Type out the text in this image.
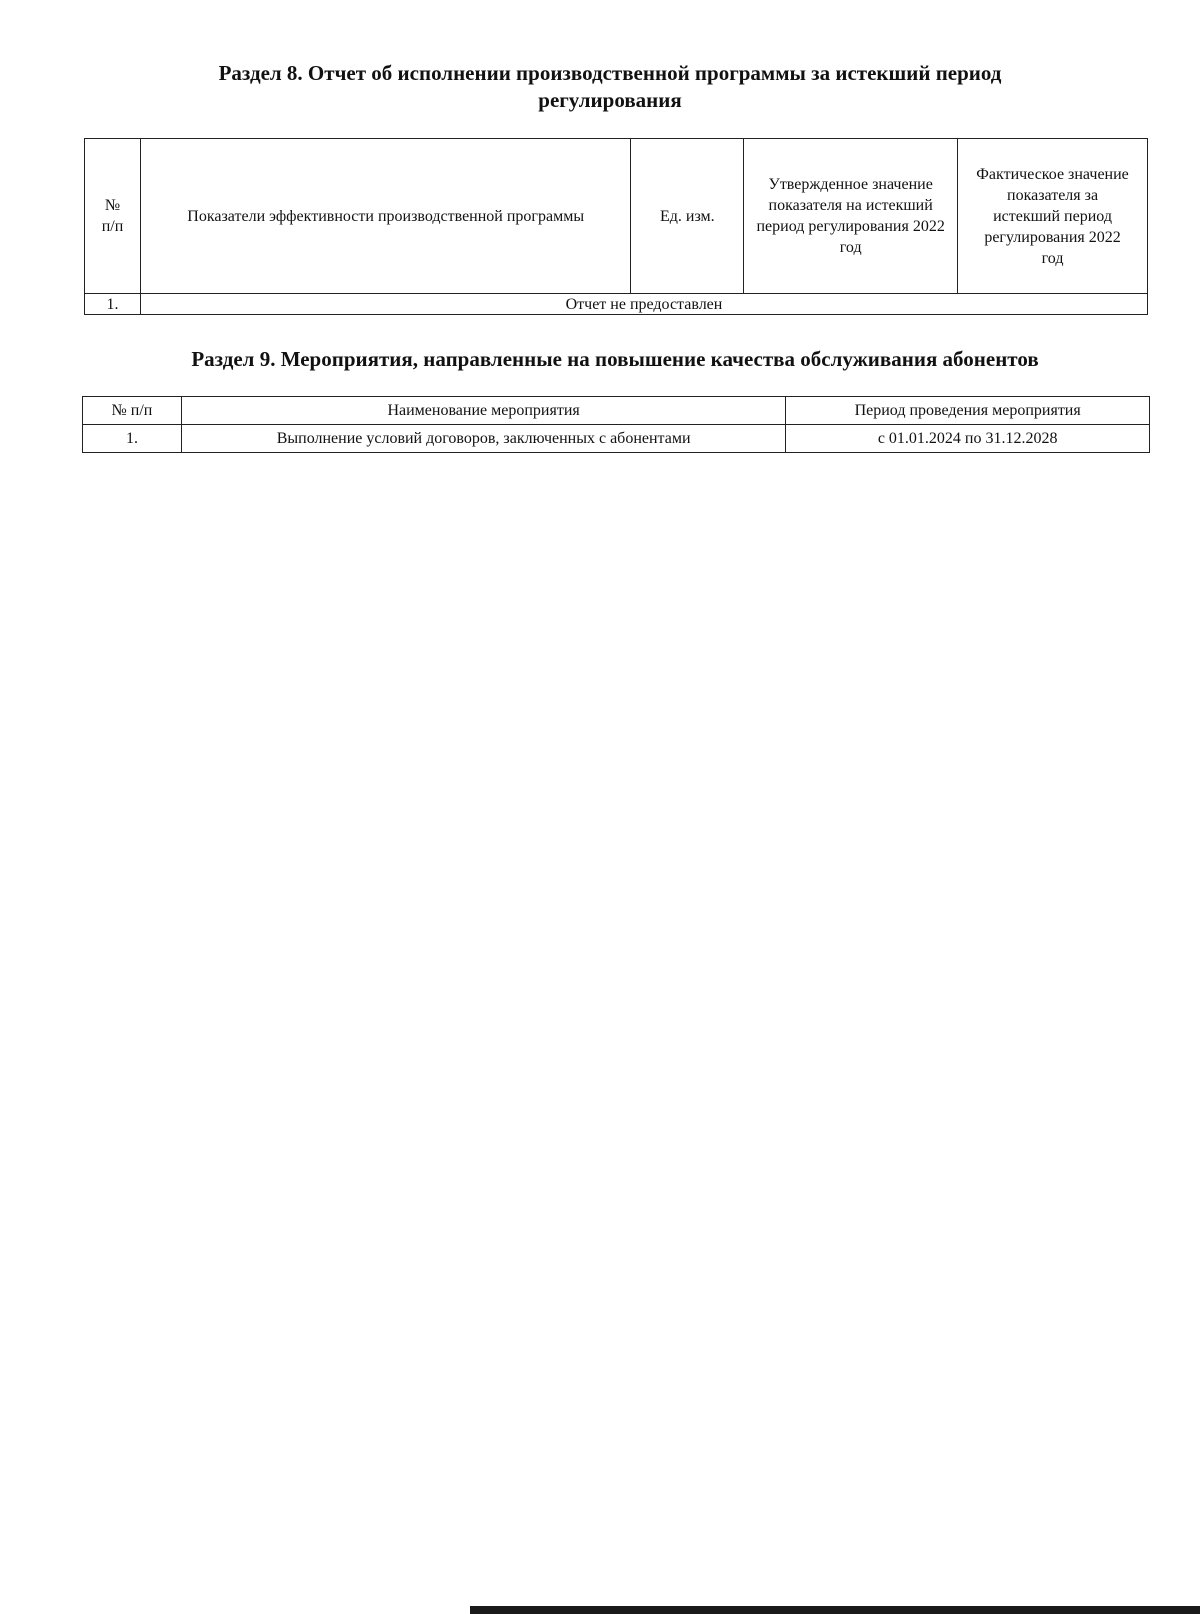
Раздел 8. Отчет об исполнении производственной программы за истекший период регулирования
№ п/п	Показатели эффективности производственной программы	Ед. изм.	Утвержденное значение показателя на истекший период регулирования 2022 год	Фактическое значение показателя за истекший период регулирования 2022 год
1.	Отчет не предоставлен			
Раздел 9. Мероприятия, направленные на повышение качества обслуживания абонентов
№ п/п	Наименование мероприятия	Период проведения мероприятия
1.	Выполнение условий договоров, заключенных с абонентами	с 01.01.2024 по 31.12.2028
